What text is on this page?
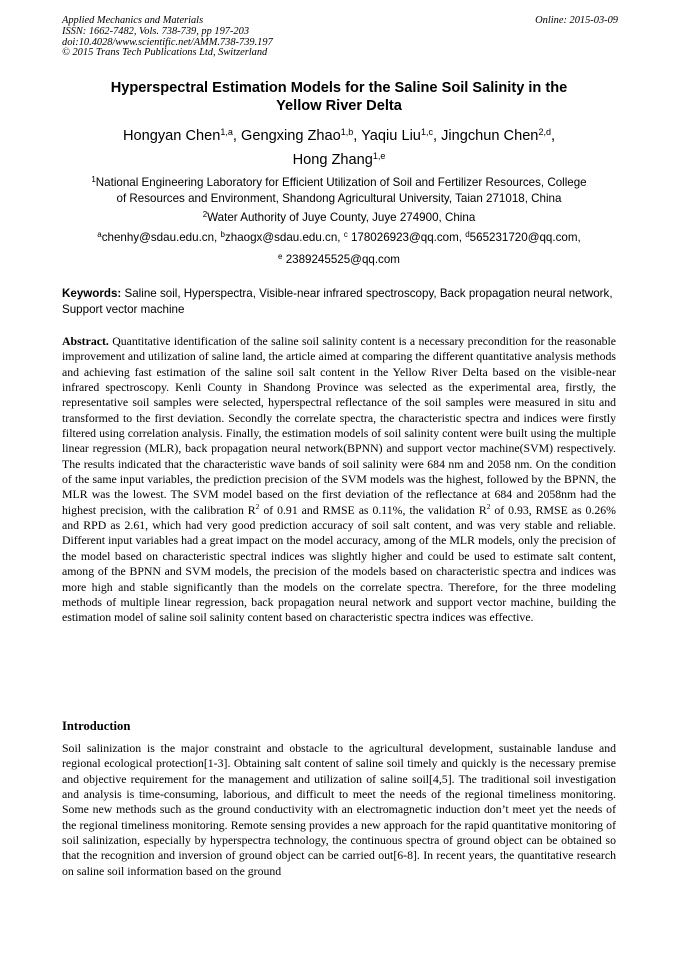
Applied Mechanics and Materials
ISSN: 1662-7482, Vols. 738-739, pp 197-203
doi:10.4028/www.scientific.net/AMM.738-739.197
© 2015 Trans Tech Publications Ltd, Switzerland
Online: 2015-03-09
Hyperspectral Estimation Models for the Saline Soil Salinity in the
Yellow River Delta
Hongyan Chen$^{1,a}$, Gengxing Zhao$^{1,b}$, Yaqiu Liu$^{1,c}$, Jingchun Chen$^{2,d}$,
Hong Zhang$^{1,e}$
$^1$National Engineering Laboratory for Efficient Utilization of Soil and Fertilizer Resources, College
of Resources and Environment, Shandong Agricultural University, Taian 271018, China
$^2$Water Authority of Juye County, Juye 274900, China
$^a$chenhy@sdau.edu.cn, $^b$zhaogx@sdau.edu.cn, $^c$ 178026923@qq.com, $^d$565231720@qq.com,
$^e$ 2389245525@qq.com
Keywords: Saline soil, Hyperspectra, Visible-near infrared spectroscopy, Back propagation neural network, Support vector machine
Abstract. Quantitative identification of the saline soil salinity content is a necessary precondition for the reasonable improvement and utilization of saline land, the article aimed at comparing the different quantitative analysis methods and achieving fast estimation of the saline soil salt content in the Yellow River Delta based on the visible-near infrared spectroscopy. Kenli County in Shandong Province was selected as the experimental area, firstly, the representative soil samples were selected, hyperspectral reflectance of the soil samples were measured in situ and transformed to the first deviation. Secondly the correlate spectra, the characteristic spectra and indices were firstly filtered using correlation analysis. Finally, the estimation models of soil salinity content were built using the multiple linear regression (MLR), back propagation neural network(BPNN) and support vector machine(SVM) respectively. The results indicated that the characteristic wave bands of soil salinity were 684 nm and 2058 nm. On the condition of the same input variables, the prediction precision of the SVM models was the highest, followed by the BPNN, the MLR was the lowest. The SVM model based on the first deviation of the reflectance at 684 and 2058nm had the highest precision, with the calibration $R^2$ of 0.91 and RMSE as 0.11%, the validation $R^2$ of 0.93, RMSE as 0.26% and RPD as 2.61, which had very good prediction accuracy of soil salt content, and was very stable and reliable. Different input variables had a great impact on the model accuracy, among of the MLR models, only the precision of the model based on characteristic spectral indices was slightly higher and could be used to estimate salt content, among of the BPNN and SVM models, the precision of the models based on characteristic spectra and indices was more high and stable significantly than the models on the correlate spectra. Therefore, for the three modeling methods of multiple linear regression, back propagation neural network and support vector machine, building the estimation model of saline soil salinity content based on characteristic spectra indices was effective.
Introduction
Soil salinization is the major constraint and obstacle to the agricultural development, sustainable landuse and regional ecological protection[1-3]. Obtaining salt content of saline soil timely and quickly is the necessary premise and objective requirement for the management and utilization of saline soil[4,5]. The traditional soil investigation and analysis is time-consuming, laborious, and difficult to meet the needs of the regional timeliness monitoring. Some new methods such as the ground conductivity with an electromagnetic induction don’t meet yet the needs of the regional timeliness monitoring. Remote sensing provides a new approach for the rapid quantitative monitoring of soil salinization, especially by hyperspectra technology, the continuous spectra of ground object can be obtained so that the recognition and inversion of ground object can be carried out[6-8]. In recent years, the quantitative research on saline soil information based on the ground
